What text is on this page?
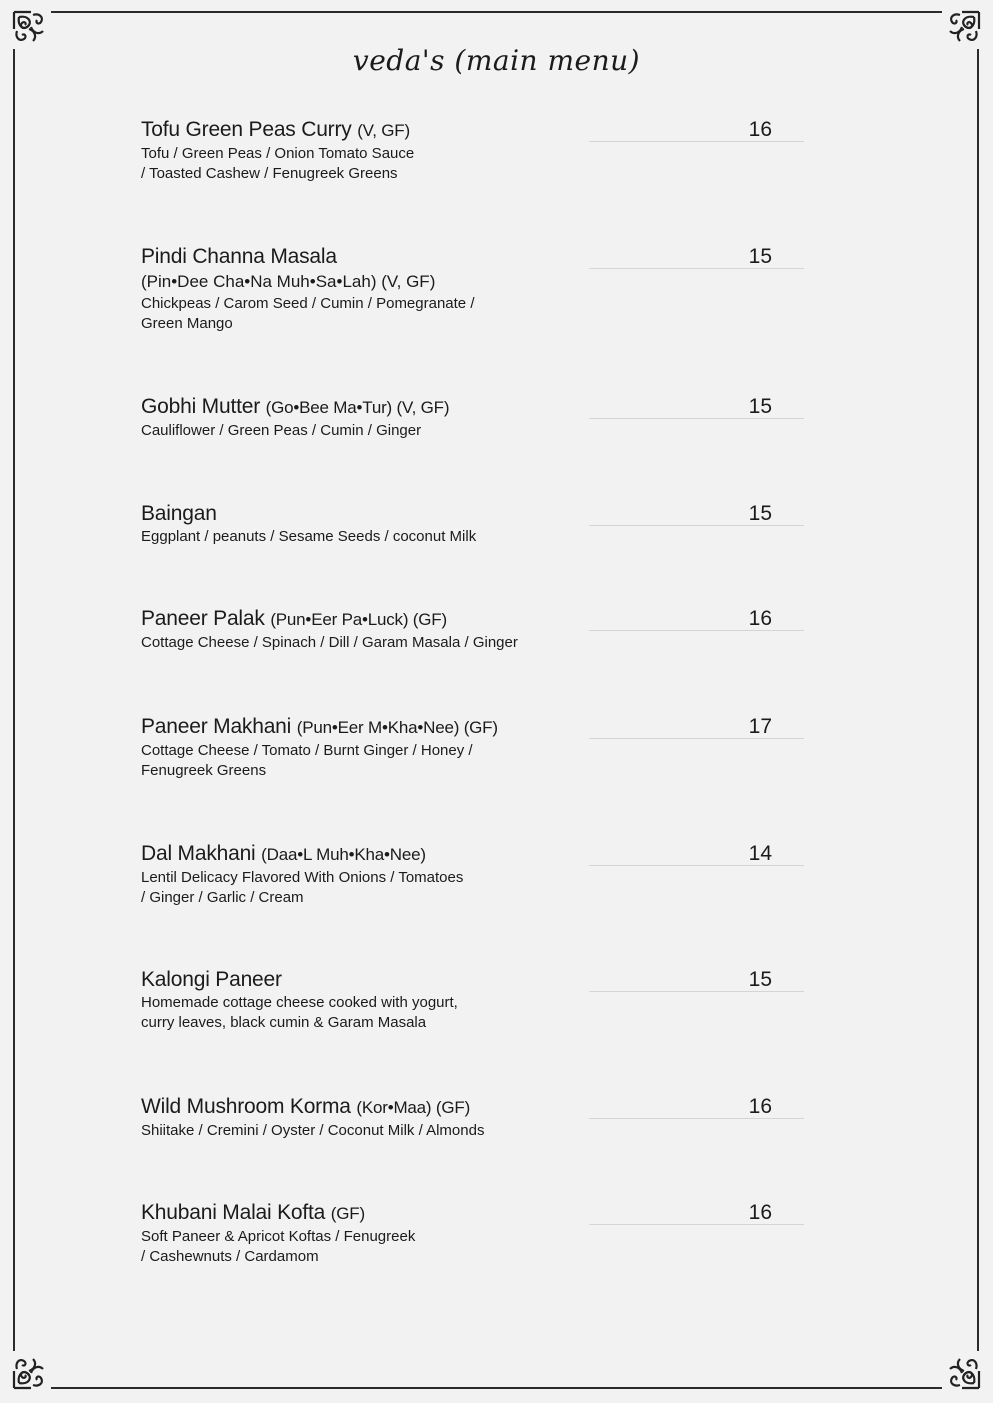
veda's (main menu)
Tofu Green Peas Curry (V, GF)
Tofu / Green Peas / Onion Tomato Sauce
/ Toasted Cashew / Fenugreek Greens
16
Pindi Channa Masala
(Pin•Dee Cha•Na Muh•Sa•Lah) (V, GF)
Chickpeas / Carom Seed / Cumin / Pomegranate /
Green Mango
15
Gobhi Mutter (Go•Bee Ma•Tur) (V, GF)
Cauliflower / Green Peas / Cumin / Ginger
15
Baingan
Eggplant / peanuts / Sesame Seeds / coconut Milk
15
Paneer Palak (Pun•Eer Pa•Luck) (GF)
Cottage Cheese / Spinach / Dill / Garam Masala / Ginger
16
Paneer Makhani (Pun•Eer M•Kha•Nee) (GF)
Cottage Cheese / Tomato / Burnt Ginger / Honey /
Fenugreek Greens
17
Dal Makhani (Daa•L Muh•Kha•Nee)
Lentil Delicacy Flavored With Onions / Tomatoes
/ Ginger / Garlic / Cream
14
Kalongi Paneer
Homemade cottage cheese cooked with yogurt,
curry leaves, black cumin & Garam Masala
15
Wild Mushroom Korma (Kor•Maa) (GF)
Shiitake / Cremini / Oyster / Coconut Milk / Almonds
16
Khubani Malai Kofta (GF)
Soft Paneer & Apricot Koftas / Fenugreek
/ Cashewnuts / Cardamom
16
